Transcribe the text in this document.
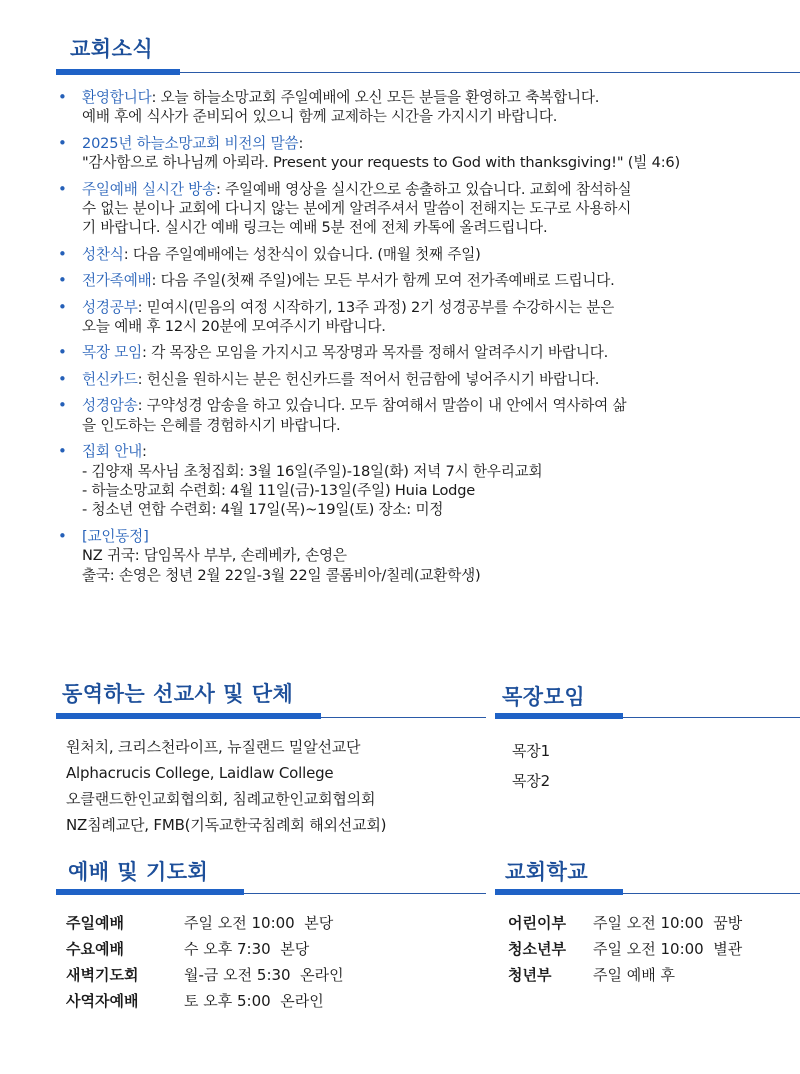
교회소식
• 환영합니다: 오늘 하늘소망교회 주일예배에 오신 모든 분들을 환영하고 축복합니다.
예배 후에 식사가 준비되어 있으니 함께 교제하는 시간을 가지시기 바랍니다.
• 2025년 하늘소망교회 비전의 말씀:
"감사함으로 하나님께 아뢰라. Present your requests to God with thanksgiving!" (빌 4:6)
• 주일예배 실시간 방송: 주일예배 영상을 실시간으로 송출하고 있습니다. 교회에 참석하실
수 없는 분이나 교회에 다니지 않는 분에게 알려주셔서 말씀이 전해지는 도구로 사용하시
기 바랍니다. 실시간 예배 링크는 예배 5분 전에 전체 카톡에 올려드립니다.
• 성찬식: 다음 주일예배에는 성찬식이 있습니다. (매월 첫째 주일)
• 전가족예배: 다음 주일(첫째 주일)에는 모든 부서가 함께 모여 전가족예배로 드립니다.
• 성경공부: 믿여시(믿음의 여정 시작하기, 13주 과정) 2기 성경공부를 수강하시는 분은
오늘 예배 후 12시 20분에 모여주시기 바랍니다.
• 목장 모임: 각 목장은 모임을 가지시고 목장명과 목자를 정해서 알려주시기 바랍니다.
• 헌신카드: 헌신을 원하시는 분은 헌신카드를 적어서 헌금함에 넣어주시기 바랍니다.
• 성경암송: 구약성경 암송을 하고 있습니다. 모두 참여해서 말씀이 내 안에서 역사하여 삶
을 인도하는 은혜를 경험하시기 바랍니다.
• 집회 안내:
- 김양재 목사님 초청집회: 3월 16일(주일)-18일(화) 저녁 7시 한우리교회
- 하늘소망교회 수련회: 4월 11일(금)-13일(주일) Huia Lodge
- 청소년 연합 수련회: 4월 17일(목)~19일(토) 장소: 미정
• [교인동정]
NZ 귀국: 담임목사 부부, 손레베카, 손영은
출국: 손영은 청년 2월 22일-3월 22일 콜롬비아/칠레(교환학생)
동역하는 선교사 및 단체
원처치, 크리스천라이프, 뉴질랜드 밀알선교단
Alphacrucis College, Laidlaw College
오클랜드한인교회협의회, 침례교한인교회협의회
NZ침례교단, FMB(기독교한국침례회 해외선교회)
목장모임
목장1
목장2
예배 및 기도회
주일예배	주일 오전 10:00  본당
수요예배	수 오후 7:30  본당
새벽기도회	월-금 오전 5:30  온라인
사역자예배	토 오후 5:00  온라인
교회학교
어린이부	주일 오전 10:00  꿈방
청소년부	주일 오전 10:00  별관
청년부	주일 예배 후
